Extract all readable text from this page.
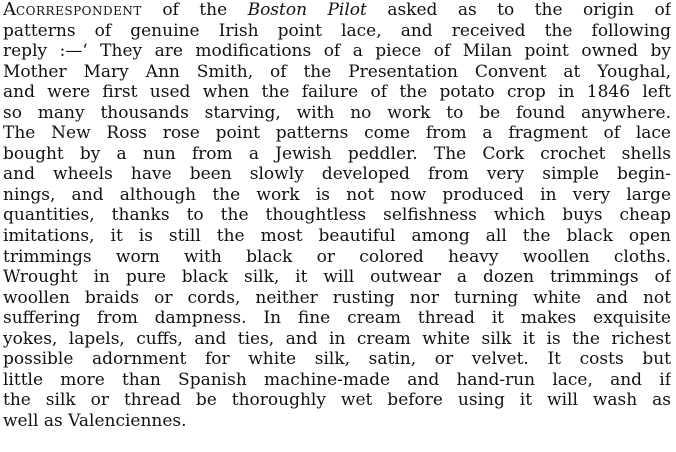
Acorrespondent of the Boston Pilot asked as to the origin of
patterns of genuine Irish point lace, and received the following
reply :—‘ They are modifications of a piece of Milan point owned by
Mother Mary Ann Smith, of the Presentation Convent at Youghal,
and were first used when the failure of the potato crop in 1846 left
so many thousands starving, with no work to be found anywhere.
The New Ross rose point patterns come from a fragment of lace
bought by a nun from a Jewish peddler. The Cork crochet shells
and wheels have been slowly developed from very simple begin-
nings, and although the work is not now produced in very large
quantities, thanks to the thoughtless selfishness which buys cheap
imitations, it is still the most beautiful among all the black open
trimmings worn with black or colored heavy woollen cloths.
Wrought in pure black silk, it will outwear a dozen trimmings of
woollen braids or cords, neither rusting nor turning white and not
suffering from dampness. In fine cream thread it makes exquisite
yokes, lapels, cuffs, and ties, and in cream white silk it is the richest
possible adornment for white silk, satin, or velvet. It costs but
little more than Spanish machine-made and hand-run lace, and if
the silk or thread be thoroughly wet before using it will wash as
well as Valenciennes.
